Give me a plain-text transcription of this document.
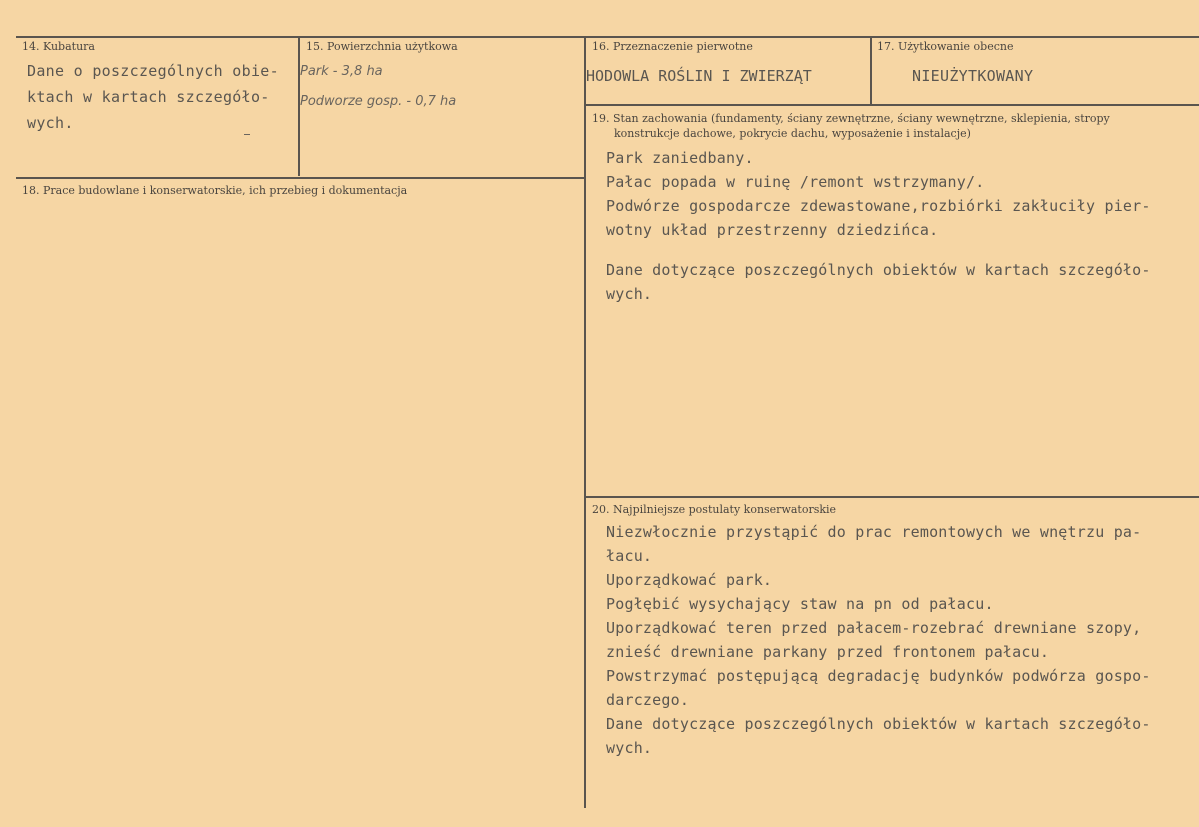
14. Kubatura
Dane o poszczególnych obie-
ktach w kartach szczegóło-
wych.
15. Powierzchnia użytkowa
Park - 3,8 ha
Podworze gosp. - 0,7 ha
16. Przeznaczenie pierwotne
HODOWLA ROŚLIN I ZWIERZĄT
17. Użytkowanie obecne
NIEUŻYTKOWANY
18. Prace budowlane i konserwatorskie, ich przebieg i dokumentacja
19. Stan zachowania (fundamenty, ściany zewnętrzne, ściany wewnętrzne, sklepienia, stropy
konstrukcje dachowe, pokrycie dachu, wyposażenie i instalacje)
Park zaniedbany.
Pałac popada w ruinę /remont wstrzymany/.
Podwórze gospodarcze zdewastowane,rozbiórki zakłuciły pier-
wotny układ przestrzenny dziedzińca.
Dane dotyczące poszczególnych obiektów w kartach szczegóło-
wych.
20. Najpilniejsze postulaty konserwatorskie
Niezwłocznie przystąpić do prac remontowych we wnętrzu pa-
łacu.
Uporządkować park.
Pogłębić wysychający staw na pn od pałacu.
Uporządkować teren przed pałacem-rozebrać drewniane szopy,
znieść drewniane parkany przed frontonem pałacu.
Powstrzymać postępującą degradację budynków podwórza gospo-
darczego.
Dane dotyczące poszczególnych obiektów w kartach szczegóło-
wych.
